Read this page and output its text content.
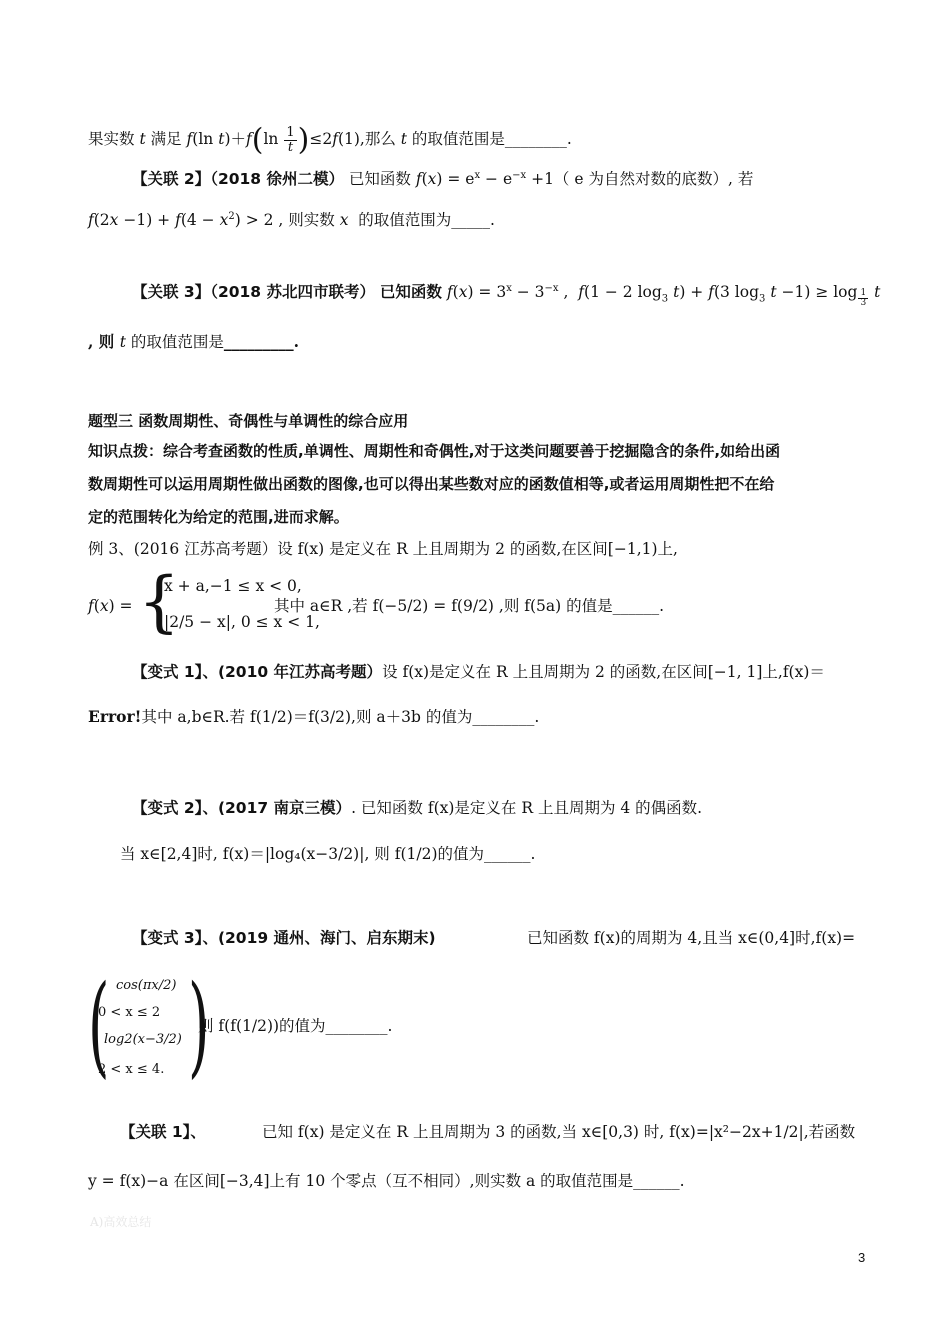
果实数 t 满足 f(ln $t)+f(\ln \frac{1}{t} )\le 2f(1)$,那么 t 的取值范围是________.
【关联 2】（2018 徐州二模） 已知函数 $f(x) = e^x - e^{-x} +1$（ e 为自然对数的底数）, 若
$f(2x -1) + f(4 - x^2) > 2$ , 则实数 x  的取值范围为_____.
【关联 3】（2018 苏北四市联考） 已知函数 $f(x) = 3^x - 3^{-x}$ ,  f(1 − 2 $\log_3 t) + f(3$ $\log_3 t -1) \ge \log _{\frac{1}{3}}$ t
, 则 t 的取值范围是_________.
题型三 函数周期性、奇偶性与单调性的综合应用
知识点拨：综合考查函数的性质,单调性、周期性和奇偶性,对于这类问题要善于挖掘隐含的条件,如给出函
数周期性可以运用周期性做出函数的图像,也可以得出某些数对应的函数值相等,或者运用周期性把不在给
定的范围转化为给定的范围,进而求解。
例 3、(2016 江苏高考题）设 f(x) 是定义在 R 上且周期为 2 的函数,在区间[−1,1)上,
f(x) = {
x + a,−1 ≤ x < 0,
|2/5 − x|, 0 ≤ x < 1,
其中 a∈R ,若 f(−5/2) = f(9/2) ,则 f(5a) 的值是______.
【变式 1】、(2010 年江苏高考题）设 f(x)是定义在 R 上且周期为 2 的函数,在区间[−1, 1]上,f(x)＝
Error!其中 a,b∈R.若 f(1/2)＝f(3/2),则 a＋3b 的值为________.
【变式 2】、(2017 南京三模）. 已知函数 f(x)是定义在 R 上且周期为 4 的偶函数.
当 x∈[2,4]时, f(x)＝|log₄(x−3/2)|, 则 f(1/2)的值为______.
【变式 3】、(2019 通州、海门、启东期末)	已知函数 f(x)的周期为 4,且当 x∈(0,4]时,f(x)=
( cos(πx/2)
0 < x ≤ 2
log2(x−3/2)
2 < x ≤ 4. )
则 f(f(1/2))的值为________.
【关联 1】、	已知 f(x) 是定义在 R 上且周期为 3 的函数,当 x∈[0,3) 时, f(x)=|x²−2x+1/2|,若函数
y = f(x)−a 在区间[−3,4]上有 10 个零点（互不相同）,则实数 a 的取值范围是______.
A)高效总结
3
